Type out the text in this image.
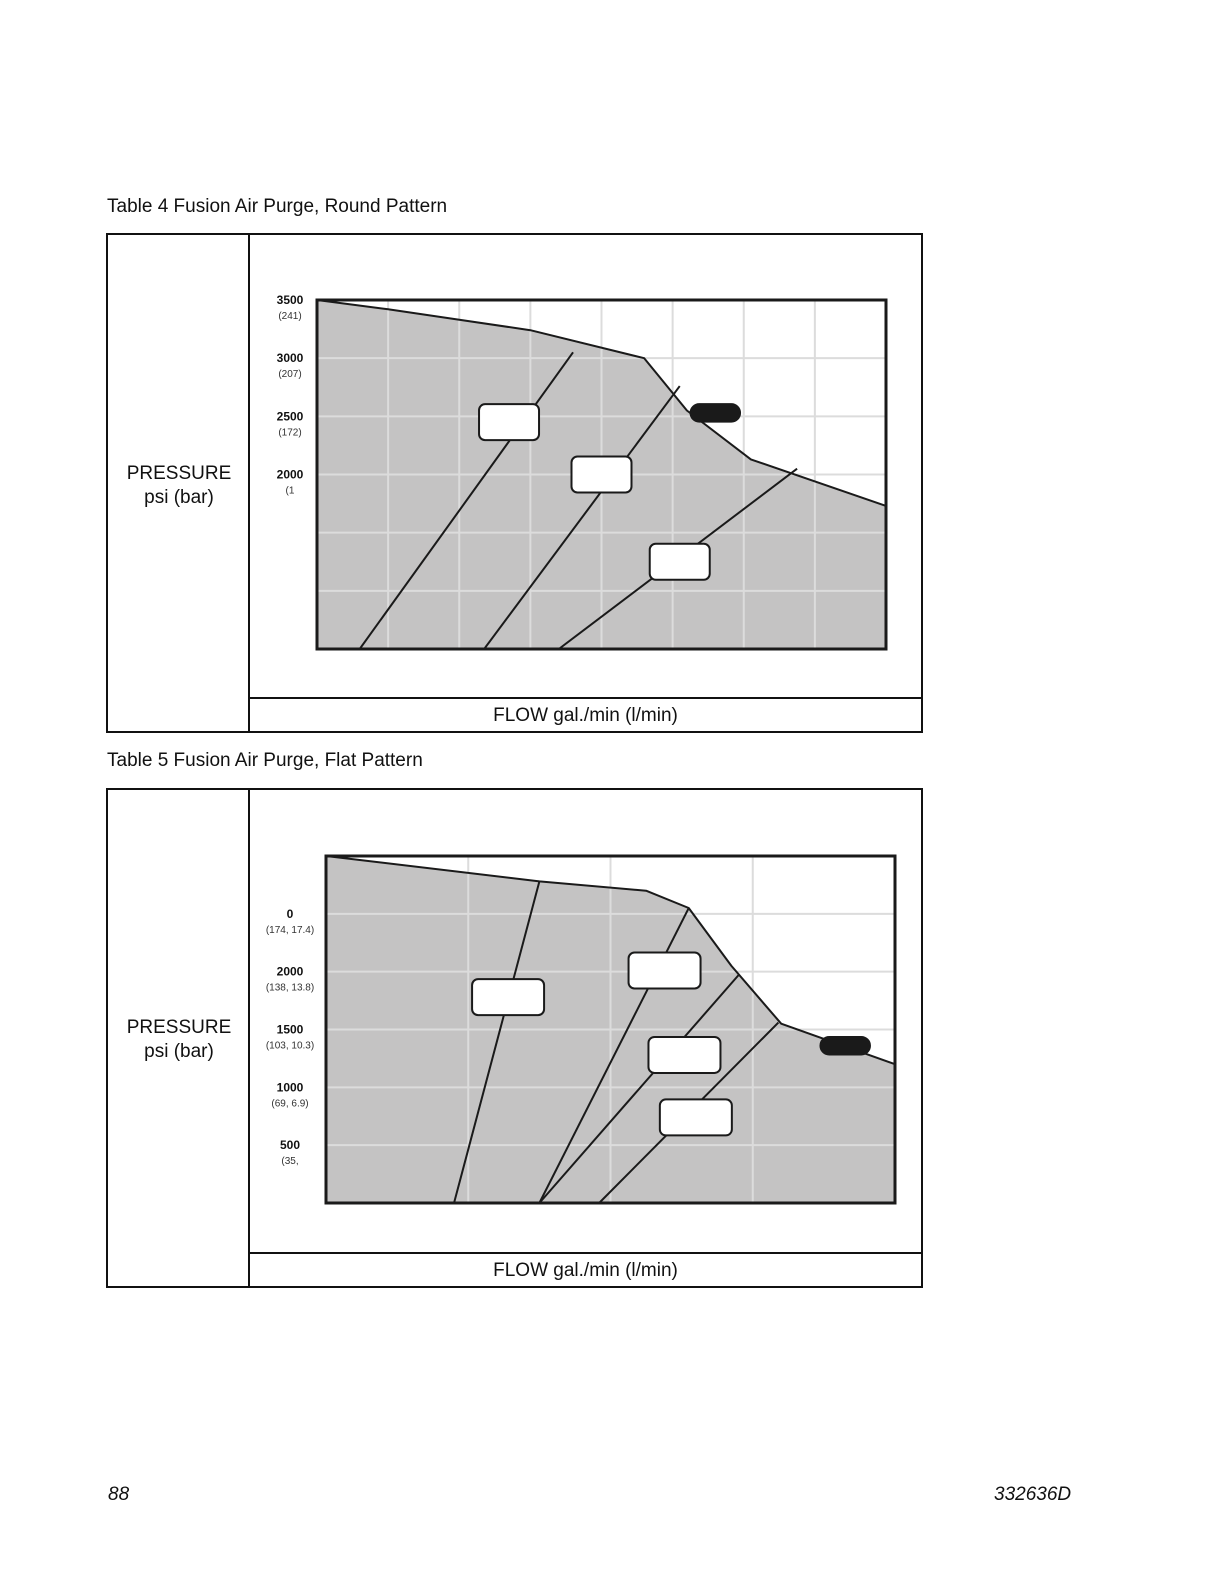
Table 4 Fusion Air Purge, Round Pattern
PRESSURE
psi (bar)
FLOW gal./min (l/min)
Table 5 Fusion Air Purge, Flat Pattern
PRESSURE
psi (bar)
FLOW gal./min (l/min)
3500
(241)
3000
(207)
2500
(172)
2000
(1
0
(174, 17.4)
2000
(138, 13.8)
1500
(103, 10.3)
1000
(69, 6.9)
500
(35,
88	332636D
